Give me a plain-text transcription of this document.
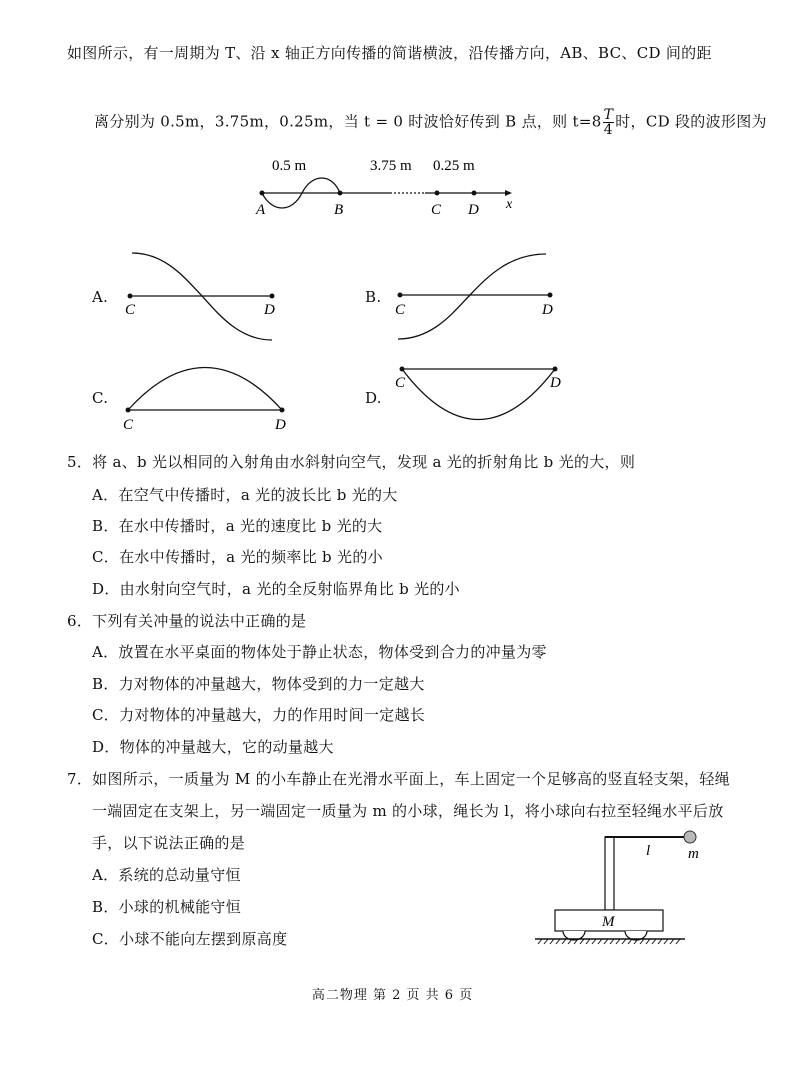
如图所示，有一周期为 T、沿 x 轴正方向传播的简谐横波，沿传播方向，AB、BC、CD 间的距
离分别为 0.5m，3.75m，0.25m，当 t = 0 时波恰好传到 B 点，则 $t=8 \frac{T}{4}$ 时，CD 段的波形图为
0.5 m	3.75 m 0.25 m
A	B	C D x
A.
C	D
B.
C	D
C.
C	D
D.
C	D
5．将 a、b 光以相同的入射角由水斜射向空气，发现 a 光的折射角比 b 光的大，则
A．在空气中传播时，a 光的波长比 b 光的大
B．在水中传播时，a 光的速度比 b 光的大
C．在水中传播时，a 光的频率比 b 光的小
D．由水射向空气时，a 光的全反射临界角比 b 光的小
6．下列有关冲量的说法中正确的是
A．放置在水平桌面的物体处于静止状态，物体受到合力的冲量为零
B．力对物体的冲量越大，物体受到的力一定越大
C．力对物体的冲量越大，力的作用时间一定越长
D．物体的冲量越大，它的动量越大
7．如图所示，一质量为 M 的小车静止在光滑水平面上，车上固定一个足够高的竖直轻支架，轻绳
一端固定在支架上，另一端固定一质量为 m 的小球，绳长为 l，将小球向右拉至轻绳水平后放
手，以下说法正确的是
A．系统的总动量守恒
B．小球的机械能守恒
C．小球不能向左摆到原高度
M
l	m
高二物理 第 2 页 共 6 页
